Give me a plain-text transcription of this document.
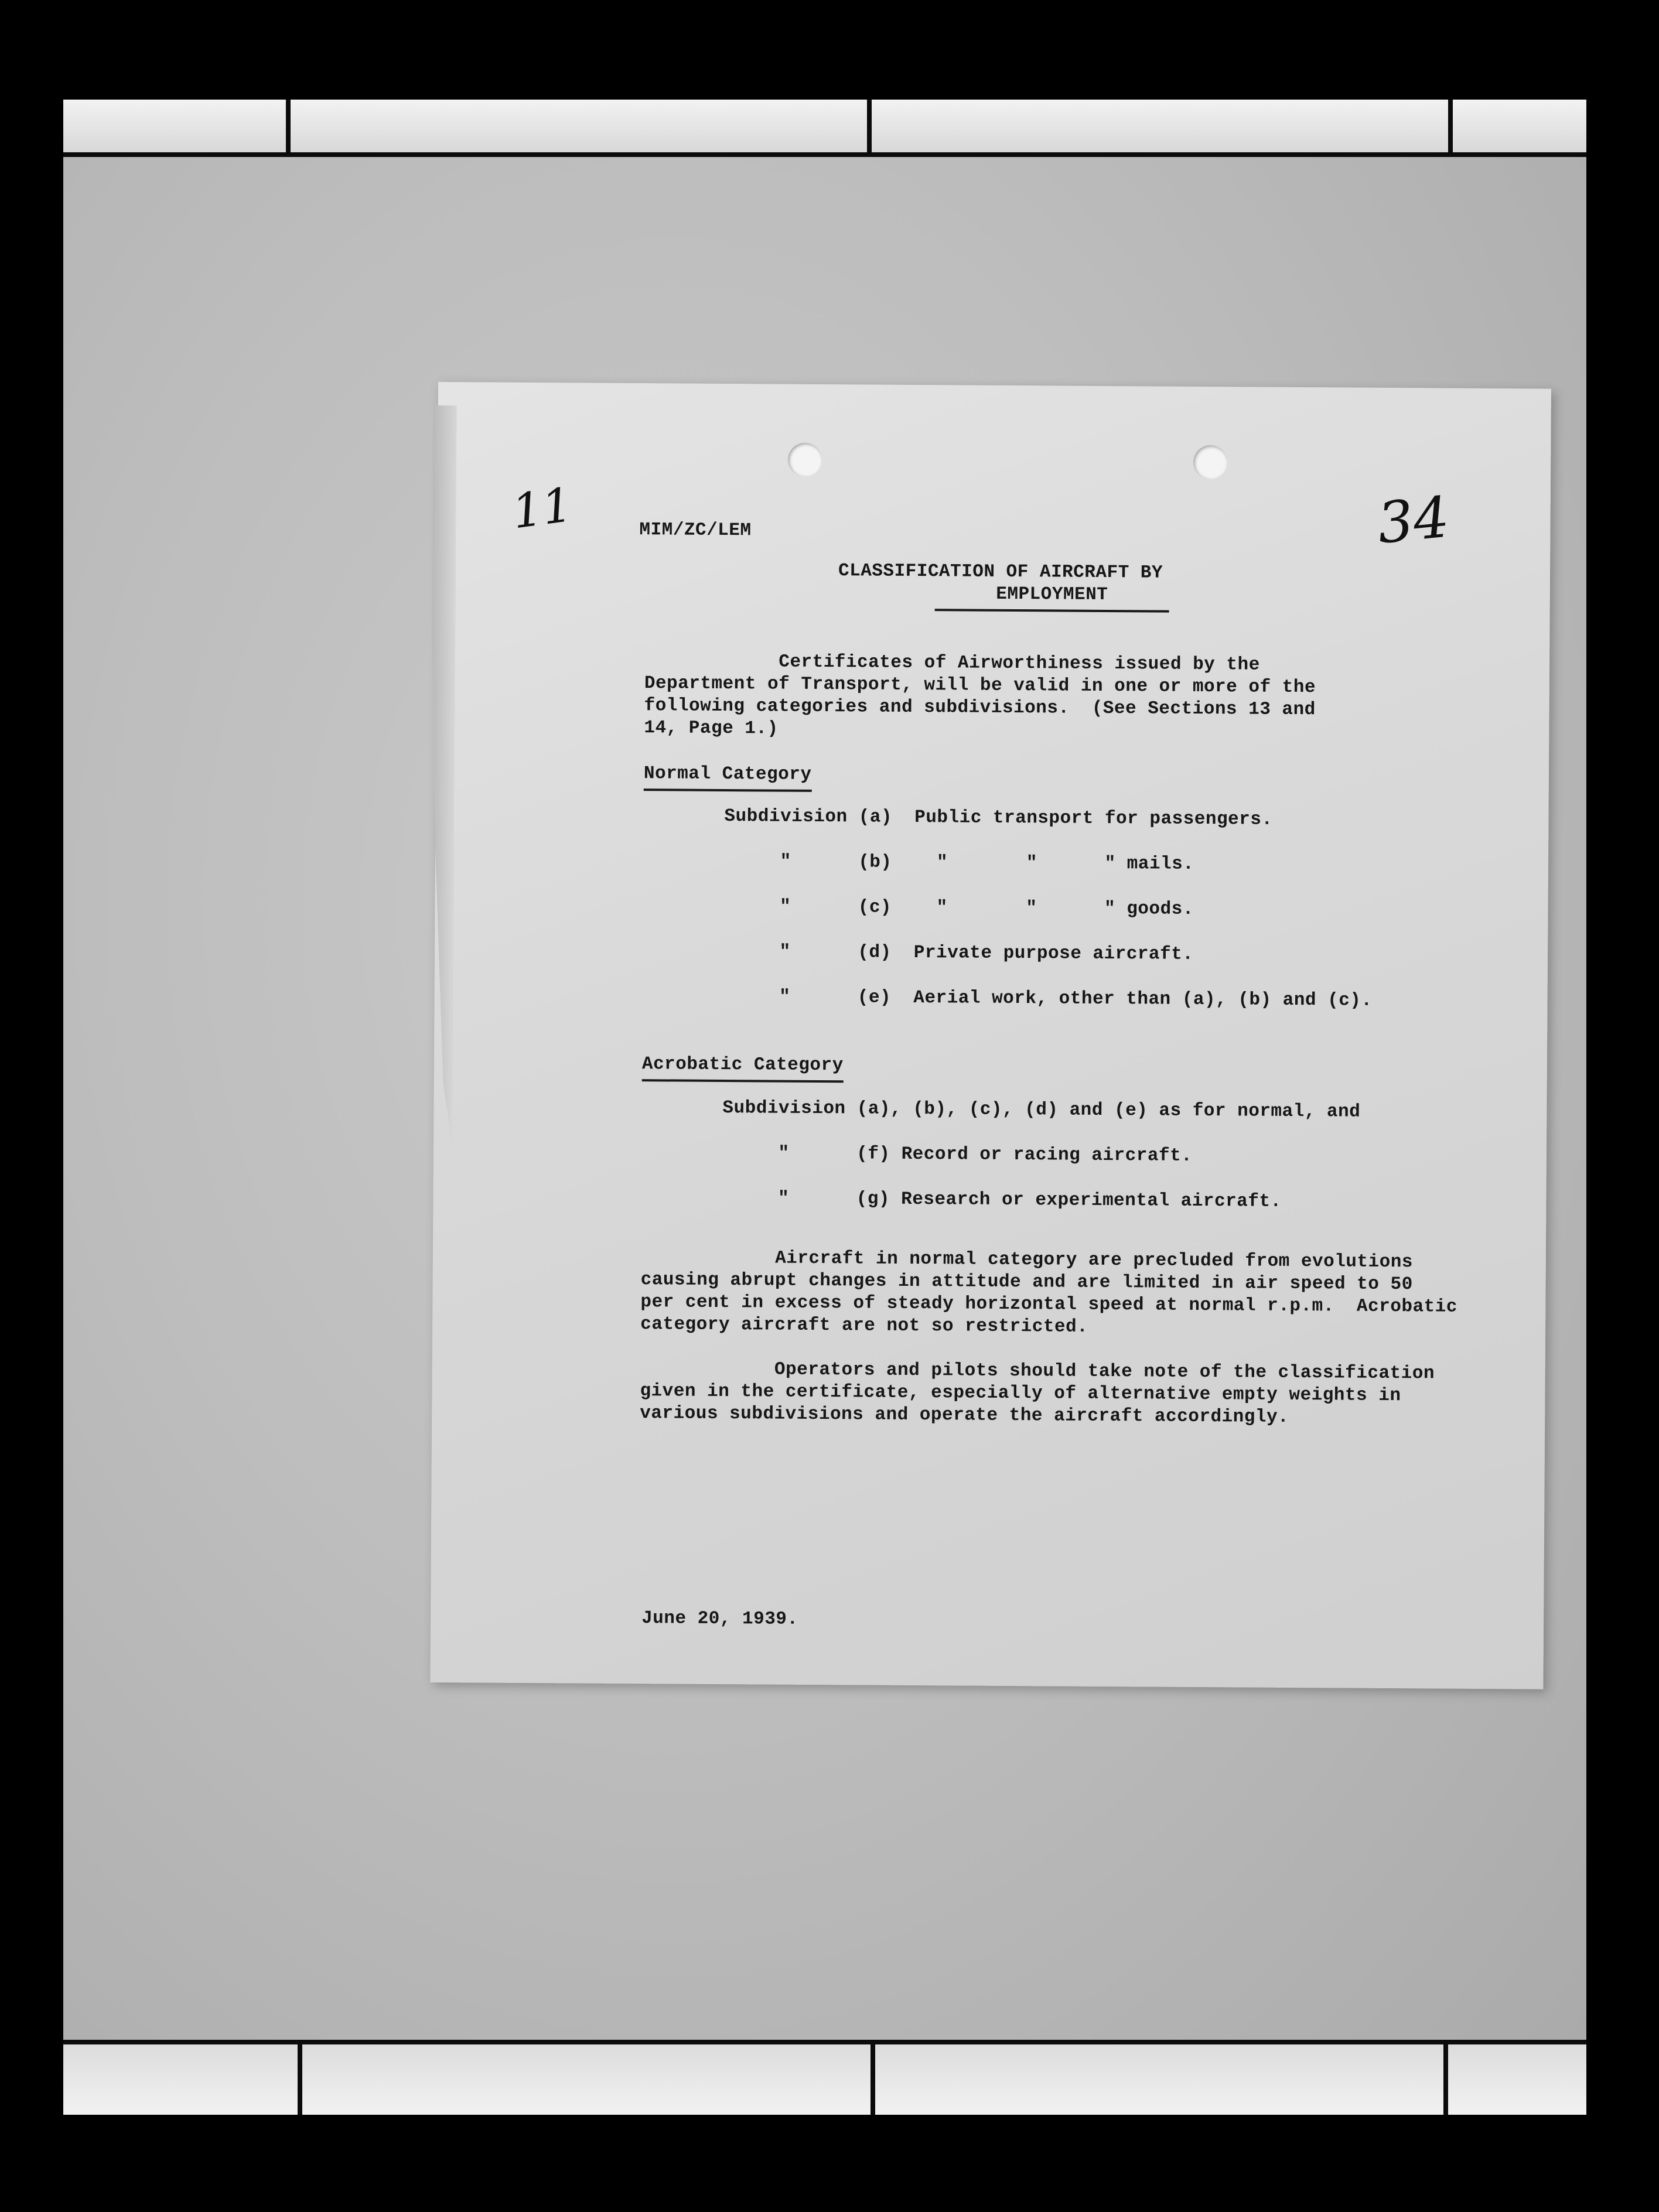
11	34
MIM/ZC/LEM
CLASSIFICATION OF AIRCRAFT BY
EMPLOYMENT
Certificates of Airworthiness issued by the
Department of Transport, will be valid in one or more of the
following categories and subdivisions.  (See Sections 13 and
14, Page 1.)
Normal Category
Subdivision (a)  Public transport for passengers.
"      (b)    "       "      " mails.
"      (c)    "       "      " goods.
"      (d)  Private purpose aircraft.
"      (e)  Aerial work, other than (a), (b) and (c).
Acrobatic Category
Subdivision (a), (b), (c), (d) and (e) as for normal, and
"      (f) Record or racing aircraft.
"      (g) Research or experimental aircraft.
Aircraft in normal category are precluded from evolutions
causing abrupt changes in attitude and are limited in air speed to 50
per cent in excess of steady horizontal speed at normal r.p.m.  Acrobatic
category aircraft are not so restricted.
Operators and pilots should take note of the classification
given in the certificate, especially of alternative empty weights in
various subdivisions and operate the aircraft accordingly.
June 20, 1939.
